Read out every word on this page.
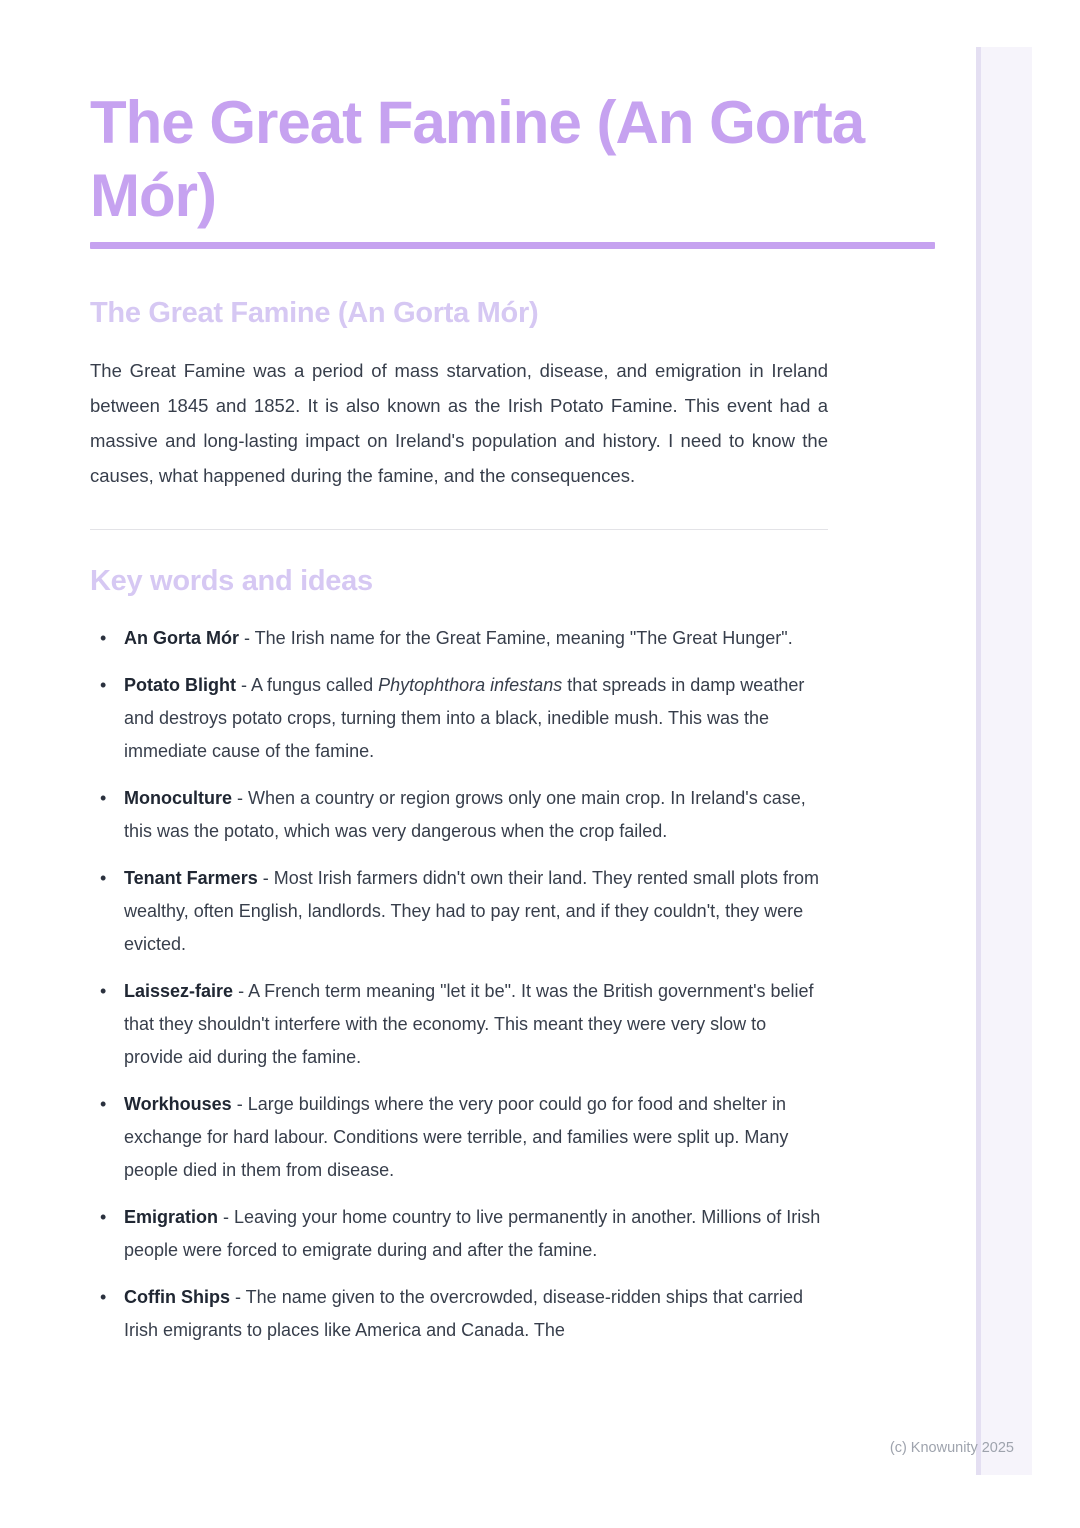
The Great Famine (An Gorta Mór)
The Great Famine (An Gorta Mór)

The Great Famine was a period of mass starvation, disease, and emigration in Ireland between 1845 and 1852. It is also known as the Irish Potato Famine. This event had a massive and long-lasting impact on Ireland's population and history. I need to know the causes, what happened during the famine, and the consequences.

Key words and ideas
• An Gorta Mór - The Irish name for the Great Famine, meaning "The Great Hunger".
• Potato Blight - A fungus called Phytophthora infestans that spreads in damp weather and destroys potato crops, turning them into a black, inedible mush. This was the immediate cause of the famine.
• Monoculture - When a country or region grows only one main crop. In Ireland's case, this was the potato, which was very dangerous when the crop failed.
• Tenant Farmers - Most Irish farmers didn't own their land. They rented small plots from wealthy, often English, landlords. They had to pay rent, and if they couldn't, they were evicted.
• Laissez-faire - A French term meaning "let it be". It was the British government's belief that they shouldn't interfere with the economy. This meant they were very slow to provide aid during the famine.
• Workhouses - Large buildings where the very poor could go for food and shelter in exchange for hard labour. Conditions were terrible, and families were split up. Many people died in them from disease.
• Emigration - Leaving your home country to live permanently in another. Millions of Irish people were forced to emigrate during and after the famine.
• Coffin Ships - The name given to the overcrowded, disease-ridden ships that carried Irish emigrants to places like America and Canada. The
(c) Knowunity 2025
